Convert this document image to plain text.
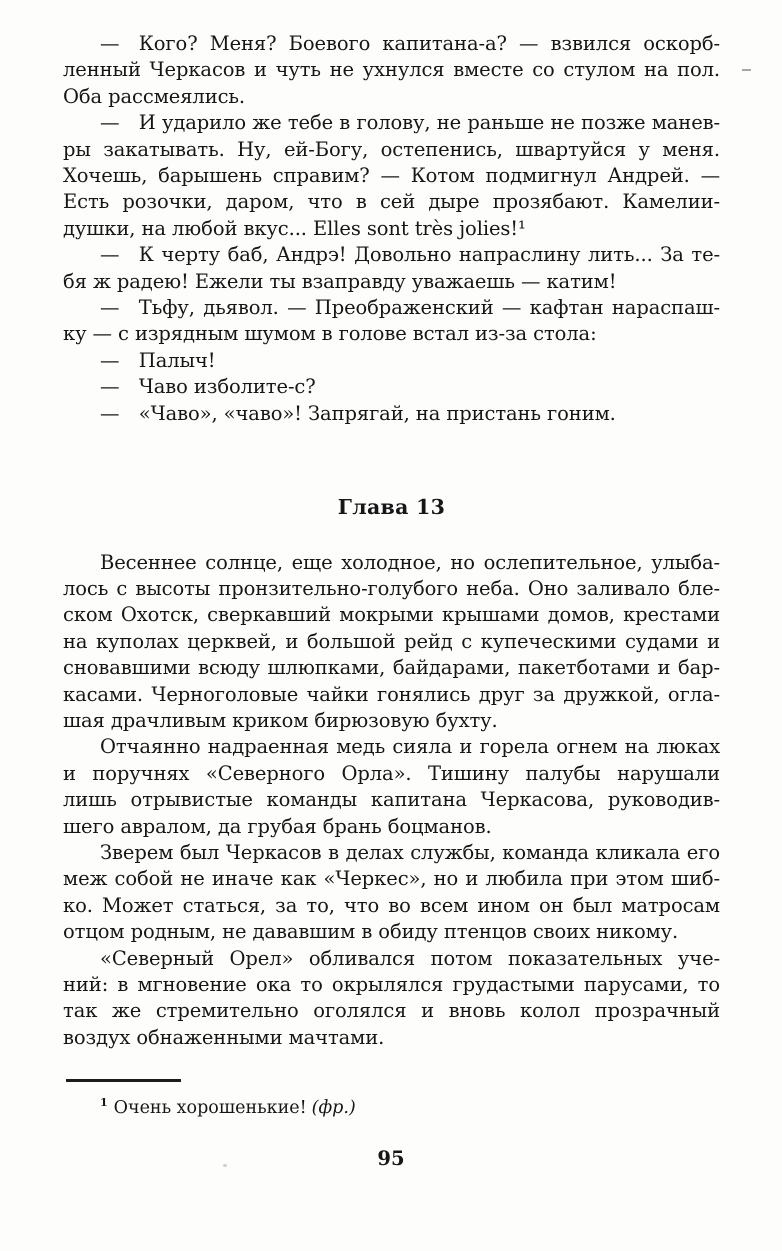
— Кого? Меня? Боевого капитана-а? — взвился оскорб-
ленный Черкасов и чуть не ухнулся вместе со стулом на пол.
Оба рассмеялись.
— И ударило же тебе в голову, не раньше не позже манев-
ры закатывать. Ну, ей-Богу, остепенись, швартуйся у меня.
Хочешь, барышень справим? — Котом подмигнул Андрей. —
Есть розочки, даром, что в сей дыре прозябают. Камелии-
душки, на любой вкус... Elles sont très jolies!¹
— К черту баб, Андрэ! Довольно напраслину лить... За те-
бя ж радею! Ежели ты взаправду уважаешь — катим!
— Тьфу, дьявол. — Преображенский — кафтан нараспаш-
ку — с изрядным шумом в голове встал из-за стола:
— Палыч!
— Чаво изболите-с?
— «Чаво», «чаво»! Запрягай, на пристань гоним.
Глава 13
Весеннее солнце, еще холодное, но ослепительное, улыба-
лось с высоты пронзительно-голубого неба. Оно заливало бле-
ском Охотск, сверкавший мокрыми крышами домов, крестами
на куполах церквей, и большой рейд с купеческими судами и
сновавшими всюду шлюпками, байдарами, пакетботами и бар-
касами. Черноголовые чайки гонялись друг за дружкой, огла-
шая драчливым криком бирюзовую бухту.
Отчаянно надраенная медь сияла и горела огнем на люках
и поручнях «Северного Орла». Тишину палубы нарушали
лишь отрывистые команды капитана Черкасова, руководив-
шего авралом, да грубая брань боцманов.
Зверем был Черкасов в делах службы, команда кликала его
меж собой не иначе как «Черкес», но и любила при этом шиб-
ко. Может статься, за то, что во всем ином он был матросам
отцом родным, не дававшим в обиду птенцов своих никому.
«Северный Орел» обливался потом показательных уче-
ний: в мгновение ока то окрылялся грудастыми парусами, то
так же стремительно оголялся и вновь колол прозрачный
воздух обнаженными мачтами.
$^1$ Очень хорошенькие! (фр.)
95
